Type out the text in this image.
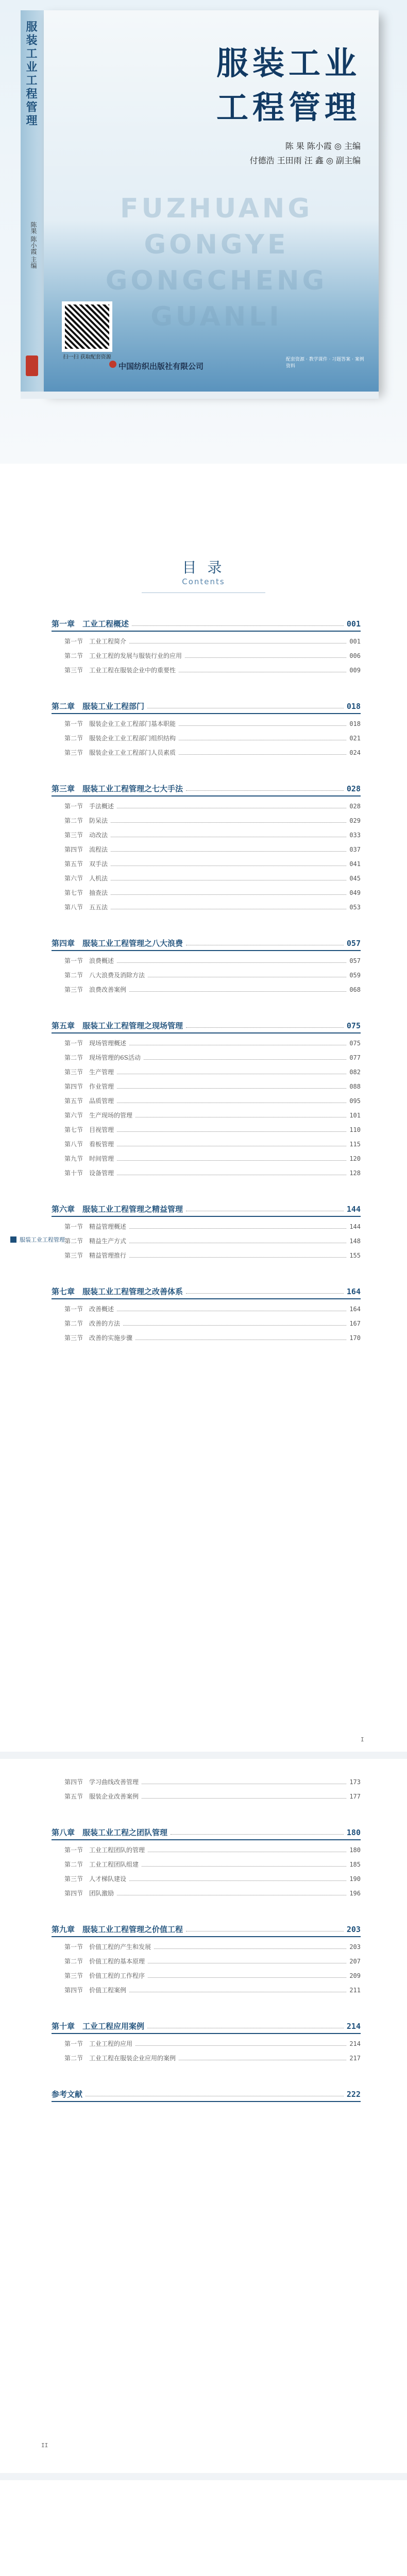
服装工业工程管理
陈果 陈小霞 主编
服装工业
工程管理
陈 果 陈小霞 ◎ 主编
付德浩 王田雨 汪 鑫 ◎ 副主编
FUZHUANG GONGYE GONGCHENG GUANLI
扫一扫 获取配套资源
中国纺织出版社有限公司
配套资源 · 教学课件 · 习题答案 · 案例资料
目 录
Contents
第一章　工业工程概述	001
第一节　工业工程简介	001
第二节　工业工程的发展与服装行业的应用	006
第三节　工业工程在服装企业中的重要性	009
第二章　服装工业工程部门	018
第一节　服装企业工业工程部门基本职能	018
第二节　服装企业工业工程部门组织结构	021
第三节　服装企业工业工程部门人员素质	024
第三章　服装工业工程管理之七大手法	028
第一节　手法概述	028
第二节　防呆法	029
第三节　动改法	033
第四节　流程法	037
第五节　双手法	041
第六节　人机法	045
第七节　抽查法	049
第八节　五五法	053
第四章　服装工业工程管理之八大浪费	057
第一节　浪费概述	057
第二节　八大浪费及消除方法	059
第三节　浪费改善案例	068
第五章　服装工业工程管理之现场管理	075
第一节　现场管理概述	075
第二节　现场管理的6S活动	077
第三节　生产管理	082
第四节　作业管理	088
第五节　品质管理	095
第六节　生产现场的管理	101
第七节　目视管理	110
第八节　看板管理	115
第九节　时间管理	120
第十节　设备管理	128
第六章　服装工业工程管理之精益管理	144
第一节　精益管理概述	144
第二节　精益生产方式	148
第三节　精益管理推行	155
第七章　服装工业工程管理之改善体系	164
第一节　改善概述	164
第二节　改善的方法	167
第三节　改善的实施步骤	170
服装工业工程管理
I
第四节　学习曲线改善管理	173
第五节　服装企业改善案例	177
第八章　服装工业工程之团队管理	180
第一节　工业工程团队的管理	180
第二节　工业工程团队组建	185
第三节　人才梯队建设	190
第四节　团队激励	196
第九章　服装工业工程管理之价值工程	203
第一节　价值工程的产生和发展	203
第二节　价值工程的基本原理	207
第三节　价值工程的工作程序	209
第四节　价值工程案例	211
第十章　工业工程应用案例	214
第一节　工业工程的应用	214
第二节　工业工程在服装企业应用的案例	217
参考文献	222
II
